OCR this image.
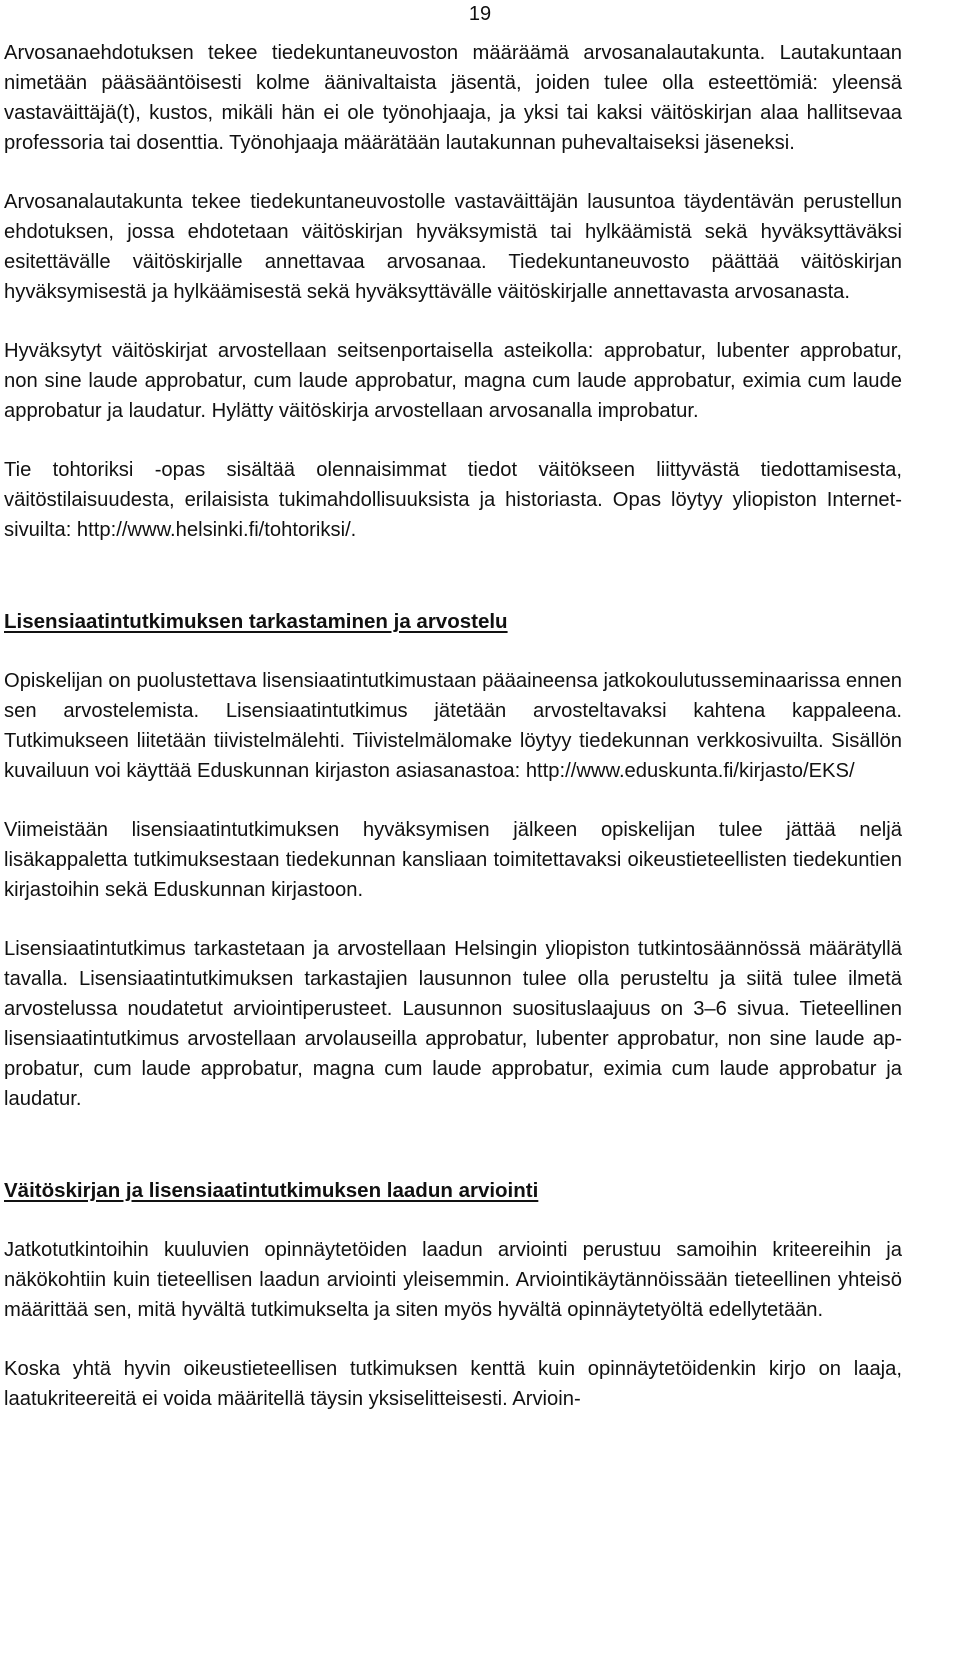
19

Arvosanaehdotuksen tekee tiedekuntaneuvoston määräämä arvosanalautakunta. Lautakuntaan nimetään pääsääntöisesti kolme äänivaltaista jäsentä, joiden tulee olla esteettömiä: yleensä vastaväittäjä(t), kustos, mikäli hän ei ole työnohjaaja, ja yksi tai kaksi väitöskirjan alaa hallitsevaa professoria tai dosenttia. Työnohjaaja määrätään lautakunnan puhevaltaiseksi jäseneksi.

Arvosanalautakunta tekee tiedekuntaneuvostolle vastaväittäjän lausuntoa täydentävän perustellun ehdotuksen, jossa ehdotetaan väitöskirjan hyväksymistä tai hylkäämistä sekä hyväksyttäväksi esitettävälle väitöskirjalle annettavaa arvosanaa. Tiedekuntaneuvosto päättää väitöskirjan hyväksymisestä ja hylkäämisestä sekä hyväksyttävälle väitöskirjalle annettavasta arvosanasta.

Hyväksytyt väitöskirjat arvostellaan seitsenportaisella asteikolla: approbatur, lubenter approbatur, non sine laude approbatur, cum laude approbatur, magna cum laude approbatur, eximia cum laude approbatur ja laudatur. Hylätty väitöskirja arvostellaan arvosanalla improbatur.

Tie tohtoriksi -opas sisältää olennaisimmat tiedot väitökseen liittyvästä tiedottamisesta, väitöstilaisuudesta, erilaisista tukimahdollisuuksista ja historiasta. Opas löytyy yliopiston Internet-sivuilta: http://www.helsinki.fi/tohtoriksi/.

Lisensiaatintutkimuksen tarkastaminen ja arvostelu

Opiskelijan on puolustettava lisensiaatintutkimustaan pääaineensa jatkokoulutusseminaarissa ennen sen arvostelemista. Lisensiaatintutkimus jätetään arvosteltavaksi kahtena kappaleena. Tutkimukseen liitetään tiivistelmälehti. Tiivistelmälomake löytyy tiedekunnan verkkosivuilta. Sisällön kuvailuun voi käyttää Eduskunnan kirjaston asiasanastoa: http://www.eduskunta.fi/kirjasto/EKS/

Viimeistään lisensiaatintutkimuksen hyväksymisen jälkeen opiskelijan tulee jättää neljä lisäkappaletta tutkimuksestaan tiedekunnan kansliaan toimitettavaksi oikeustieteellisten tiedekuntien kirjastoihin sekä Eduskunnan kirjastoon.

Lisensiaatintutkimus tarkastetaan ja arvostellaan Helsingin yliopiston tutkintosäännössä määrätyllä tavalla. Lisensiaatintutkimuksen tarkastajien lausunnon tulee olla perusteltu ja siitä tulee ilmetä arvostelussa noudatetut arviointiperusteet. Lausunnon suosituslaajuus on 3–6 sivua. Tieteellinen lisensiaatintutkimus arvostellaan arvolauseilla approbatur, lubenter approbatur, non sine laude approbatur, cum laude approbatur, magna cum laude approbatur, eximia cum laude approbatur ja laudatur.

Väitöskirjan ja lisensiaatintutkimuksen laadun arviointi

Jatkotutkintoihin kuuluvien opinnäytetöiden laadun arviointi perustuu samoihin kriteereihin ja näkökohtiin kuin tieteellisen laadun arviointi yleisemmin. Arviointikäytännöissään tieteellinen yhteisö määrittää sen, mitä hyvältä tutkimukselta ja siten myös hyvältä opinnäytetyöltä edellytetään.

Koska yhtä hyvin oikeustieteellisen tutkimuksen kenttä kuin opinnäytetöidenkin kirjo on laaja, laatukriteereitä ei voida määritellä täysin yksiselitteisesti. Arvioin-
